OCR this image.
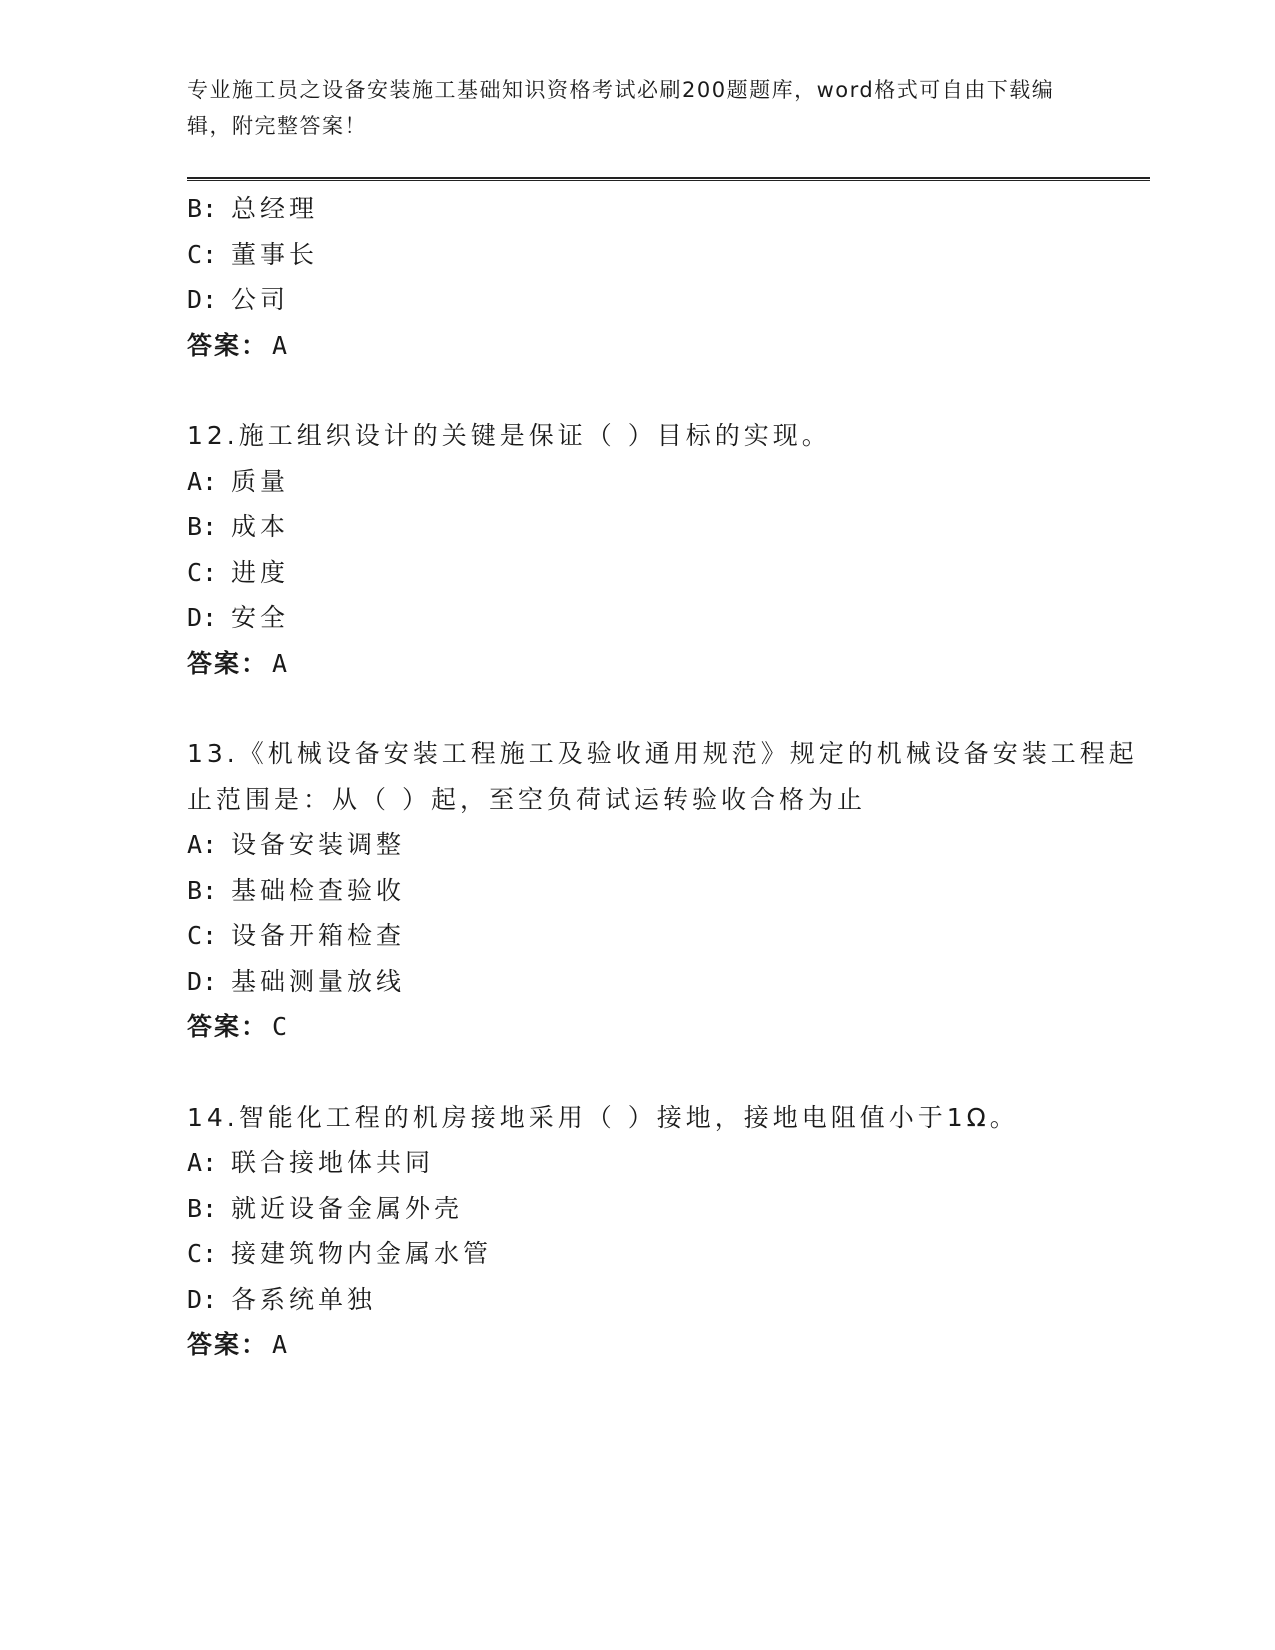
专业施工员之设备安装施工基础知识资格考试必刷200题题库，word格式可自由下载编辑，附完整答案！
B: 总经理
C: 董事长
D: 公司
答案： A
12.施工组织设计的关键是保证（ ）目标的实现。
A: 质量
B: 成本
C: 进度
D: 安全
答案： A
13.《机械设备安装工程施工及验收通用规范》规定的机械设备安装工程起止范围是：从（ ）起，至空负荷试运转验收合格为止
A: 设备安装调整
B: 基础检查验收
C: 设备开箱检查
D: 基础测量放线
答案： C
14.智能化工程的机房接地采用（ ）接地，接地电阻值小于1Ω。
A: 联合接地体共同
B: 就近设备金属外壳
C: 接建筑物内金属水管
D: 各系统单独
答案： A
